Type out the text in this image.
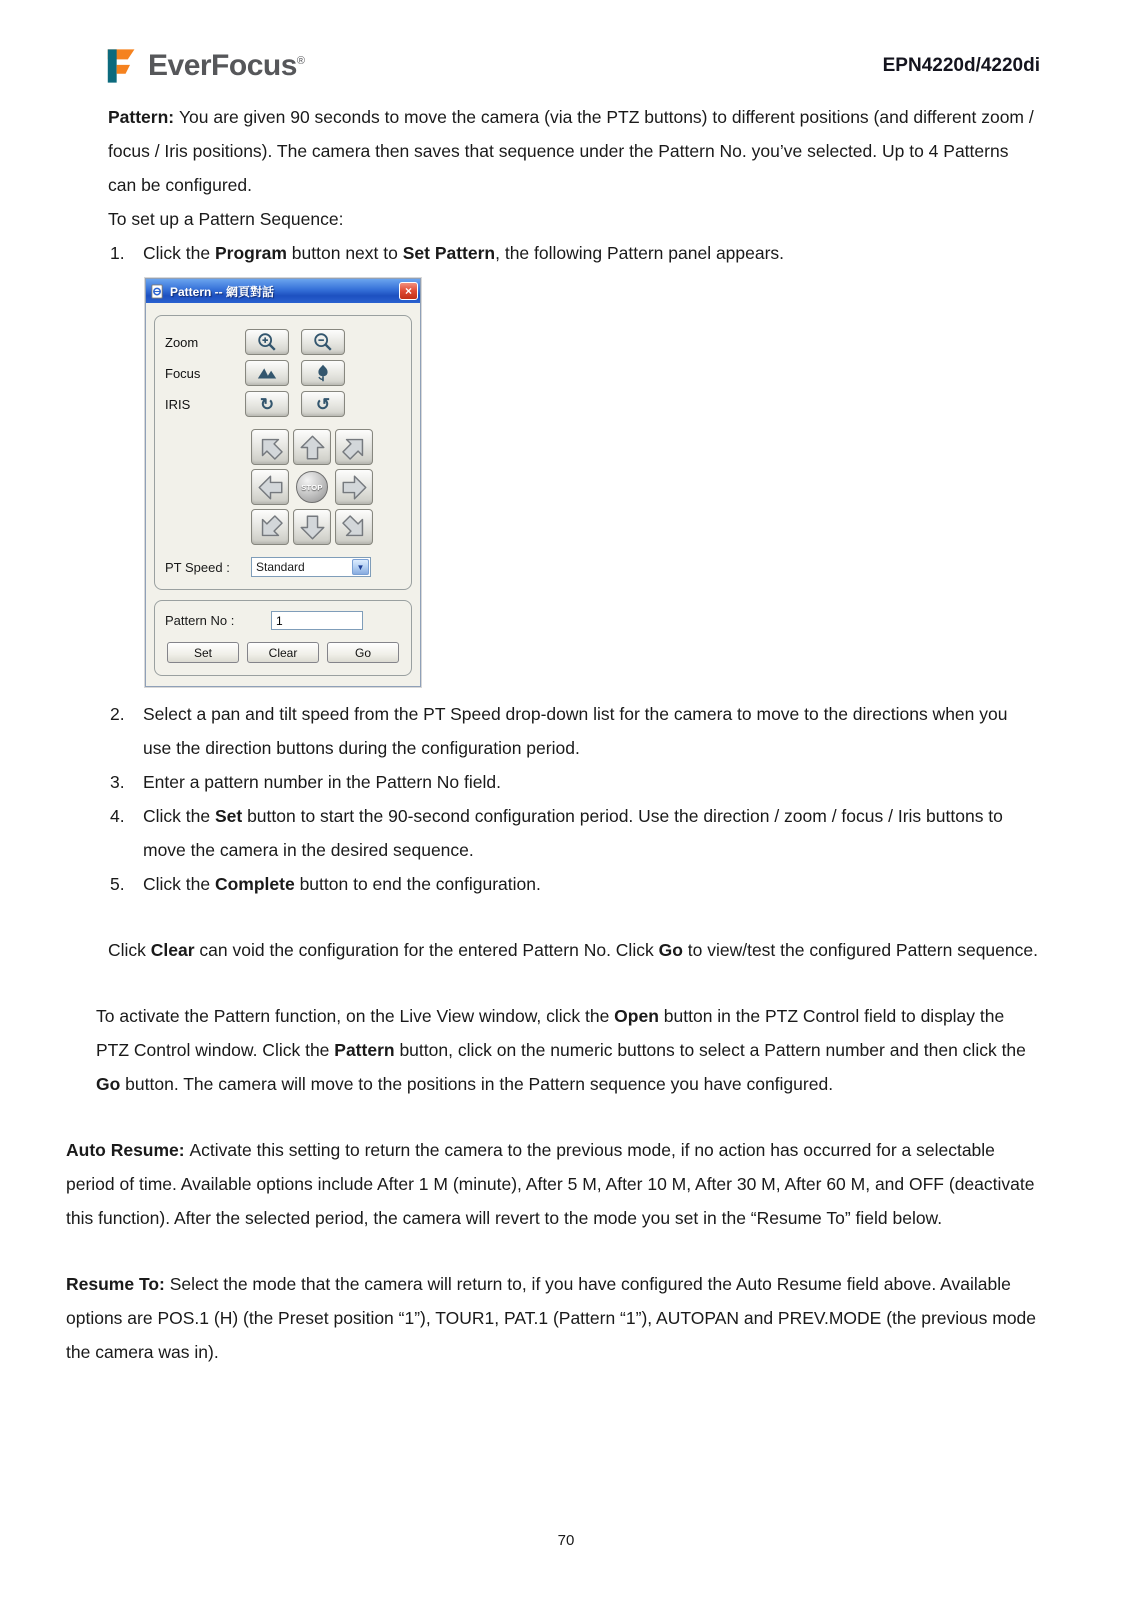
EverFocus®	EPN4220d/4220di

Pattern: You are given 90 seconds to move the camera (via the PTZ buttons) to different positions (and different zoom / focus / Iris positions). The camera then saves that sequence under the Pattern No. you’ve selected. Up to 4 Patterns can be configured.

To set up a Pattern Sequence:

1.	Click the Program button next to Set Pattern, the following Pattern panel appears.
Pattern -- 網頁對話	×
Zoom
Focus
IRIS	↻ ↺
STOP
PT Speed :	Standard	▼
Pattern No :
1
Set	Clear	Go
2.	Select a pan and tilt speed from the PT Speed drop-down list for the camera to move to the directions when you use the direction buttons during the configuration period.
3.	Enter a pattern number in the Pattern No field.
4.	Click the Set button to start the 90-second configuration period. Use the direction / zoom / focus / Iris buttons to move the camera in the desired sequence.
5.	Click the Complete button to end the configuration.

Click Clear can void the configuration for the entered Pattern No. Click Go to view/test the configured Pattern sequence.

To activate the Pattern function, on the Live View window, click the Open button in the PTZ Control field to display the PTZ Control window. Click the Pattern button, click on the numeric buttons to select a Pattern number and then click the Go button. The camera will move to the positions in the Pattern sequence you have configured.

Auto Resume: Activate this setting to return the camera to the previous mode, if no action has occurred for a selectable period of time. Available options include After 1 M (minute), After 5 M, After 10 M, After 30 M, After 60 M, and OFF (deactivate this function). After the selected period, the camera will revert to the mode you set in the “Resume To” field below.

Resume To: Select the mode that the camera will return to, if you have configured the Auto Resume field above. Available options are POS.1 (H) (the Preset position “1”), TOUR1, PAT.1 (Pattern “1”), AUTOPAN and PREV.MODE (the previous mode the camera was in).

70
